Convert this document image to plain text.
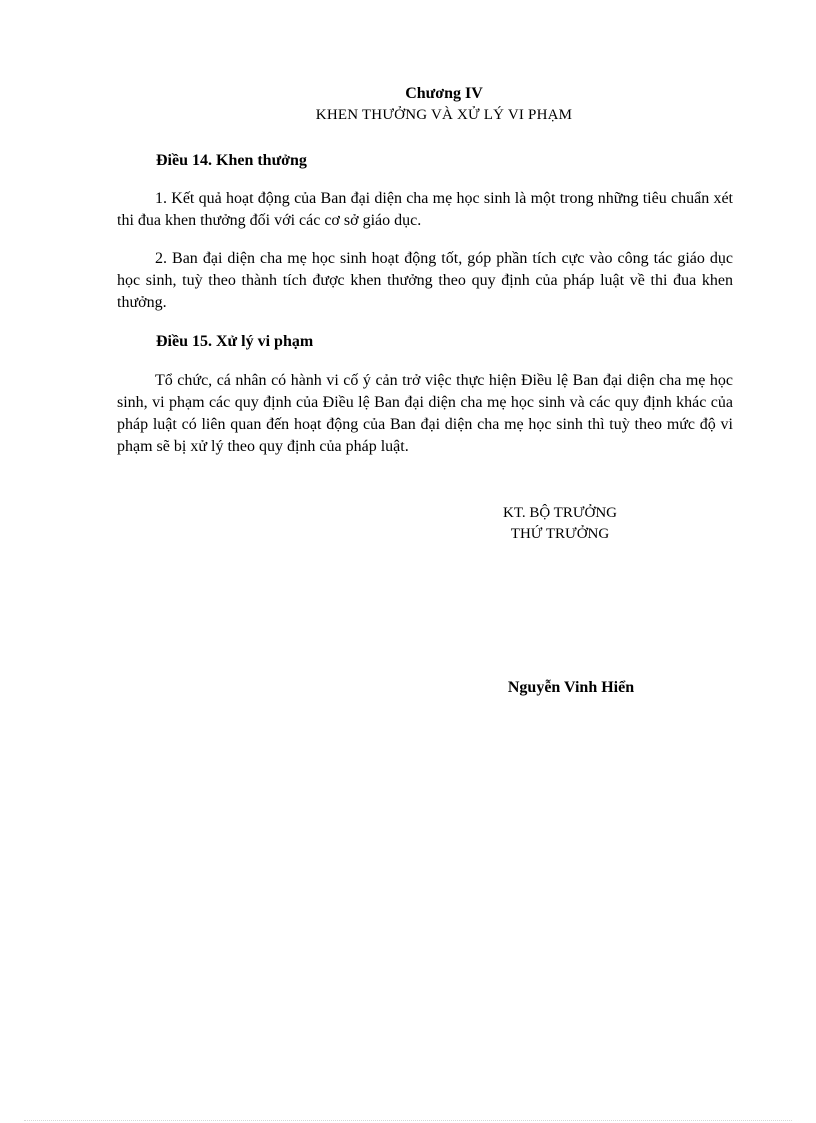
Chương IV
KHEN THƯỞNG VÀ XỬ LÝ VI PHẠM
Điều 14. Khen thưởng
1. Kết quả hoạt động của Ban đại diện cha mẹ học sinh là một trong những tiêu chuẩn xét thi đua khen thưởng đối với các cơ sở giáo dục.
2. Ban đại diện cha mẹ học sinh hoạt động tốt, góp phần tích cực vào công tác giáo dục học sinh, tuỳ theo thành tích được khen thưởng theo quy định của pháp luật về thi đua khen thưởng.
Điều 15. Xử lý vi phạm
Tổ chức, cá nhân có hành vi cố ý cản trở việc thực hiện Điều lệ Ban đại diện cha mẹ học sinh, vi phạm các quy định của Điều lệ Ban đại diện cha mẹ học sinh và các quy định khác của pháp luật có liên quan đến hoạt động của Ban đại diện cha mẹ học sinh thì tuỳ theo mức độ vi phạm sẽ bị xử lý theo quy định của pháp luật.
KT. BỘ TRƯỞNG
THỨ TRƯỞNG
Nguyễn Vinh Hiển
